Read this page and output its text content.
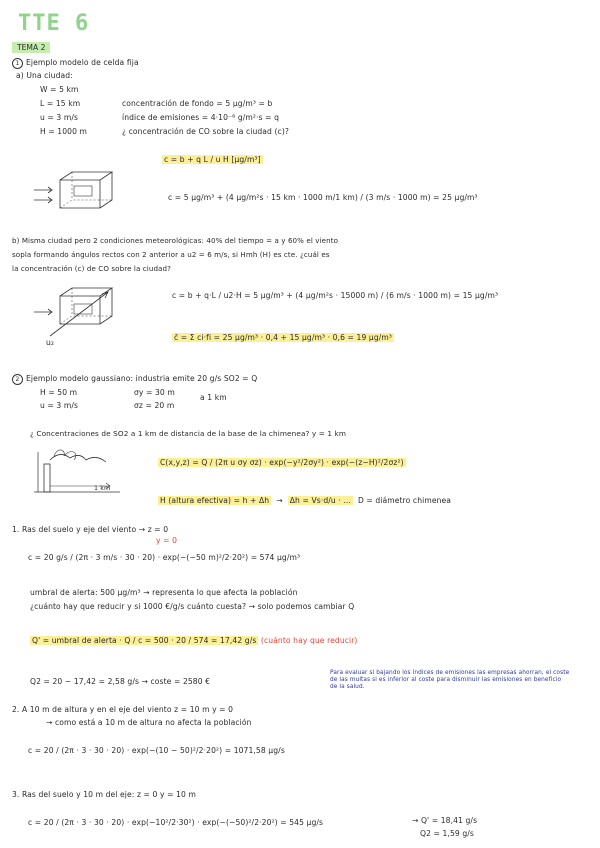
TTE 6
TEMA 2
1 Ejemplo modelo de celda fija
a) Una ciudad:
W = 5 km
L = 15 km	concentración de fondo = 5 μg/m³ = b
u = 3 m/s	índice de emisiones = 4·10⁻⁶ g/m²·s = q
H = 1000 m	¿ concentración de CO sobre la ciudad (c)?
c = b + q L / u H [μg/m³]
c = 5 μg/m³ + (4 μg/m²s · 15 km · 1000 m/1 km) / (3 m/s · 1000 m) = 25 μg/m³
b) Misma ciudad pero 2 condiciones meteorológicas: 40% del tiempo = a y 60% el viento
sopla formando ángulos rectos con 2 anterior a u2 = 6 m/s, si Hmh (H) es cte. ¿cuál es
la concentración (c) de CO sobre la ciudad?
u₂
c = b + q·L / u2·H = 5 μg/m³ + (4 μg/m²s · 15000 m) / (6 m/s · 1000 m) = 15 μg/m³
c̄ = Σ ci·fi = 25 μg/m³ · 0,4 + 15 μg/m³ · 0,6 = 19 μg/m³
2 Ejemplo modelo gaussiano: industria emite 20 g/s SO2 = Q
H = 50 m	σy = 30 m
a 1 km
u = 3 m/s	σz = 20 m
¿ Concentraciones de SO2 a 1 km de distancia de la base de la chimenea? y = 1 km
1 km
C(x,y,z) = Q / (2π u σy σz) · exp(−y²/2σy²) · exp(−(z−H)²/2σz²)
H (altura efectiva) = h + Δh  →  Δh = Vs·d/u · ... D = diámetro chimenea
1. Ras del suelo y eje del viento → z = 0
y = 0
c = 20 g/s / (2π · 3 m/s · 30 · 20) · exp(−(−50 m)²/2·20²) = 574 μg/m³
umbral de alerta: 500 μg/m³ → representa lo que afecta la población
¿cuánto hay que reducir y si 1000 €/g/s cuánto cuesta? → solo podemos cambiar Q
Q' = umbral de alerta · Q / c = 500 · 20 / 574 = 17,42 g/s (cuánto hay que reducir)
Q2 = 20 − 17,42 = 2,58 g/s → coste = 2580 €
Para evaluar si bajando los índices de emisiones las empresas ahorran, el coste de las multas si es inferior al coste para disminuir las emisiones en beneficio de la salud.
2. A 10 m de altura y en el eje del viento z = 10 m y = 0
→ como está a 10 m de altura no afecta la población
c = 20 / (2π · 3 · 30 · 20) · exp(−(10 − 50)²/2·20²) = 1071,58 μg/s
3. Ras del suelo y 10 m del eje: z = 0 y = 10 m
c = 20 / (2π · 3 · 30 · 20) · exp(−10²/2·30²) · exp(−(−50)²/2·20²) = 545 μg/s	→ Q' = 18,41 g/s
Q2 = 1,59 g/s
